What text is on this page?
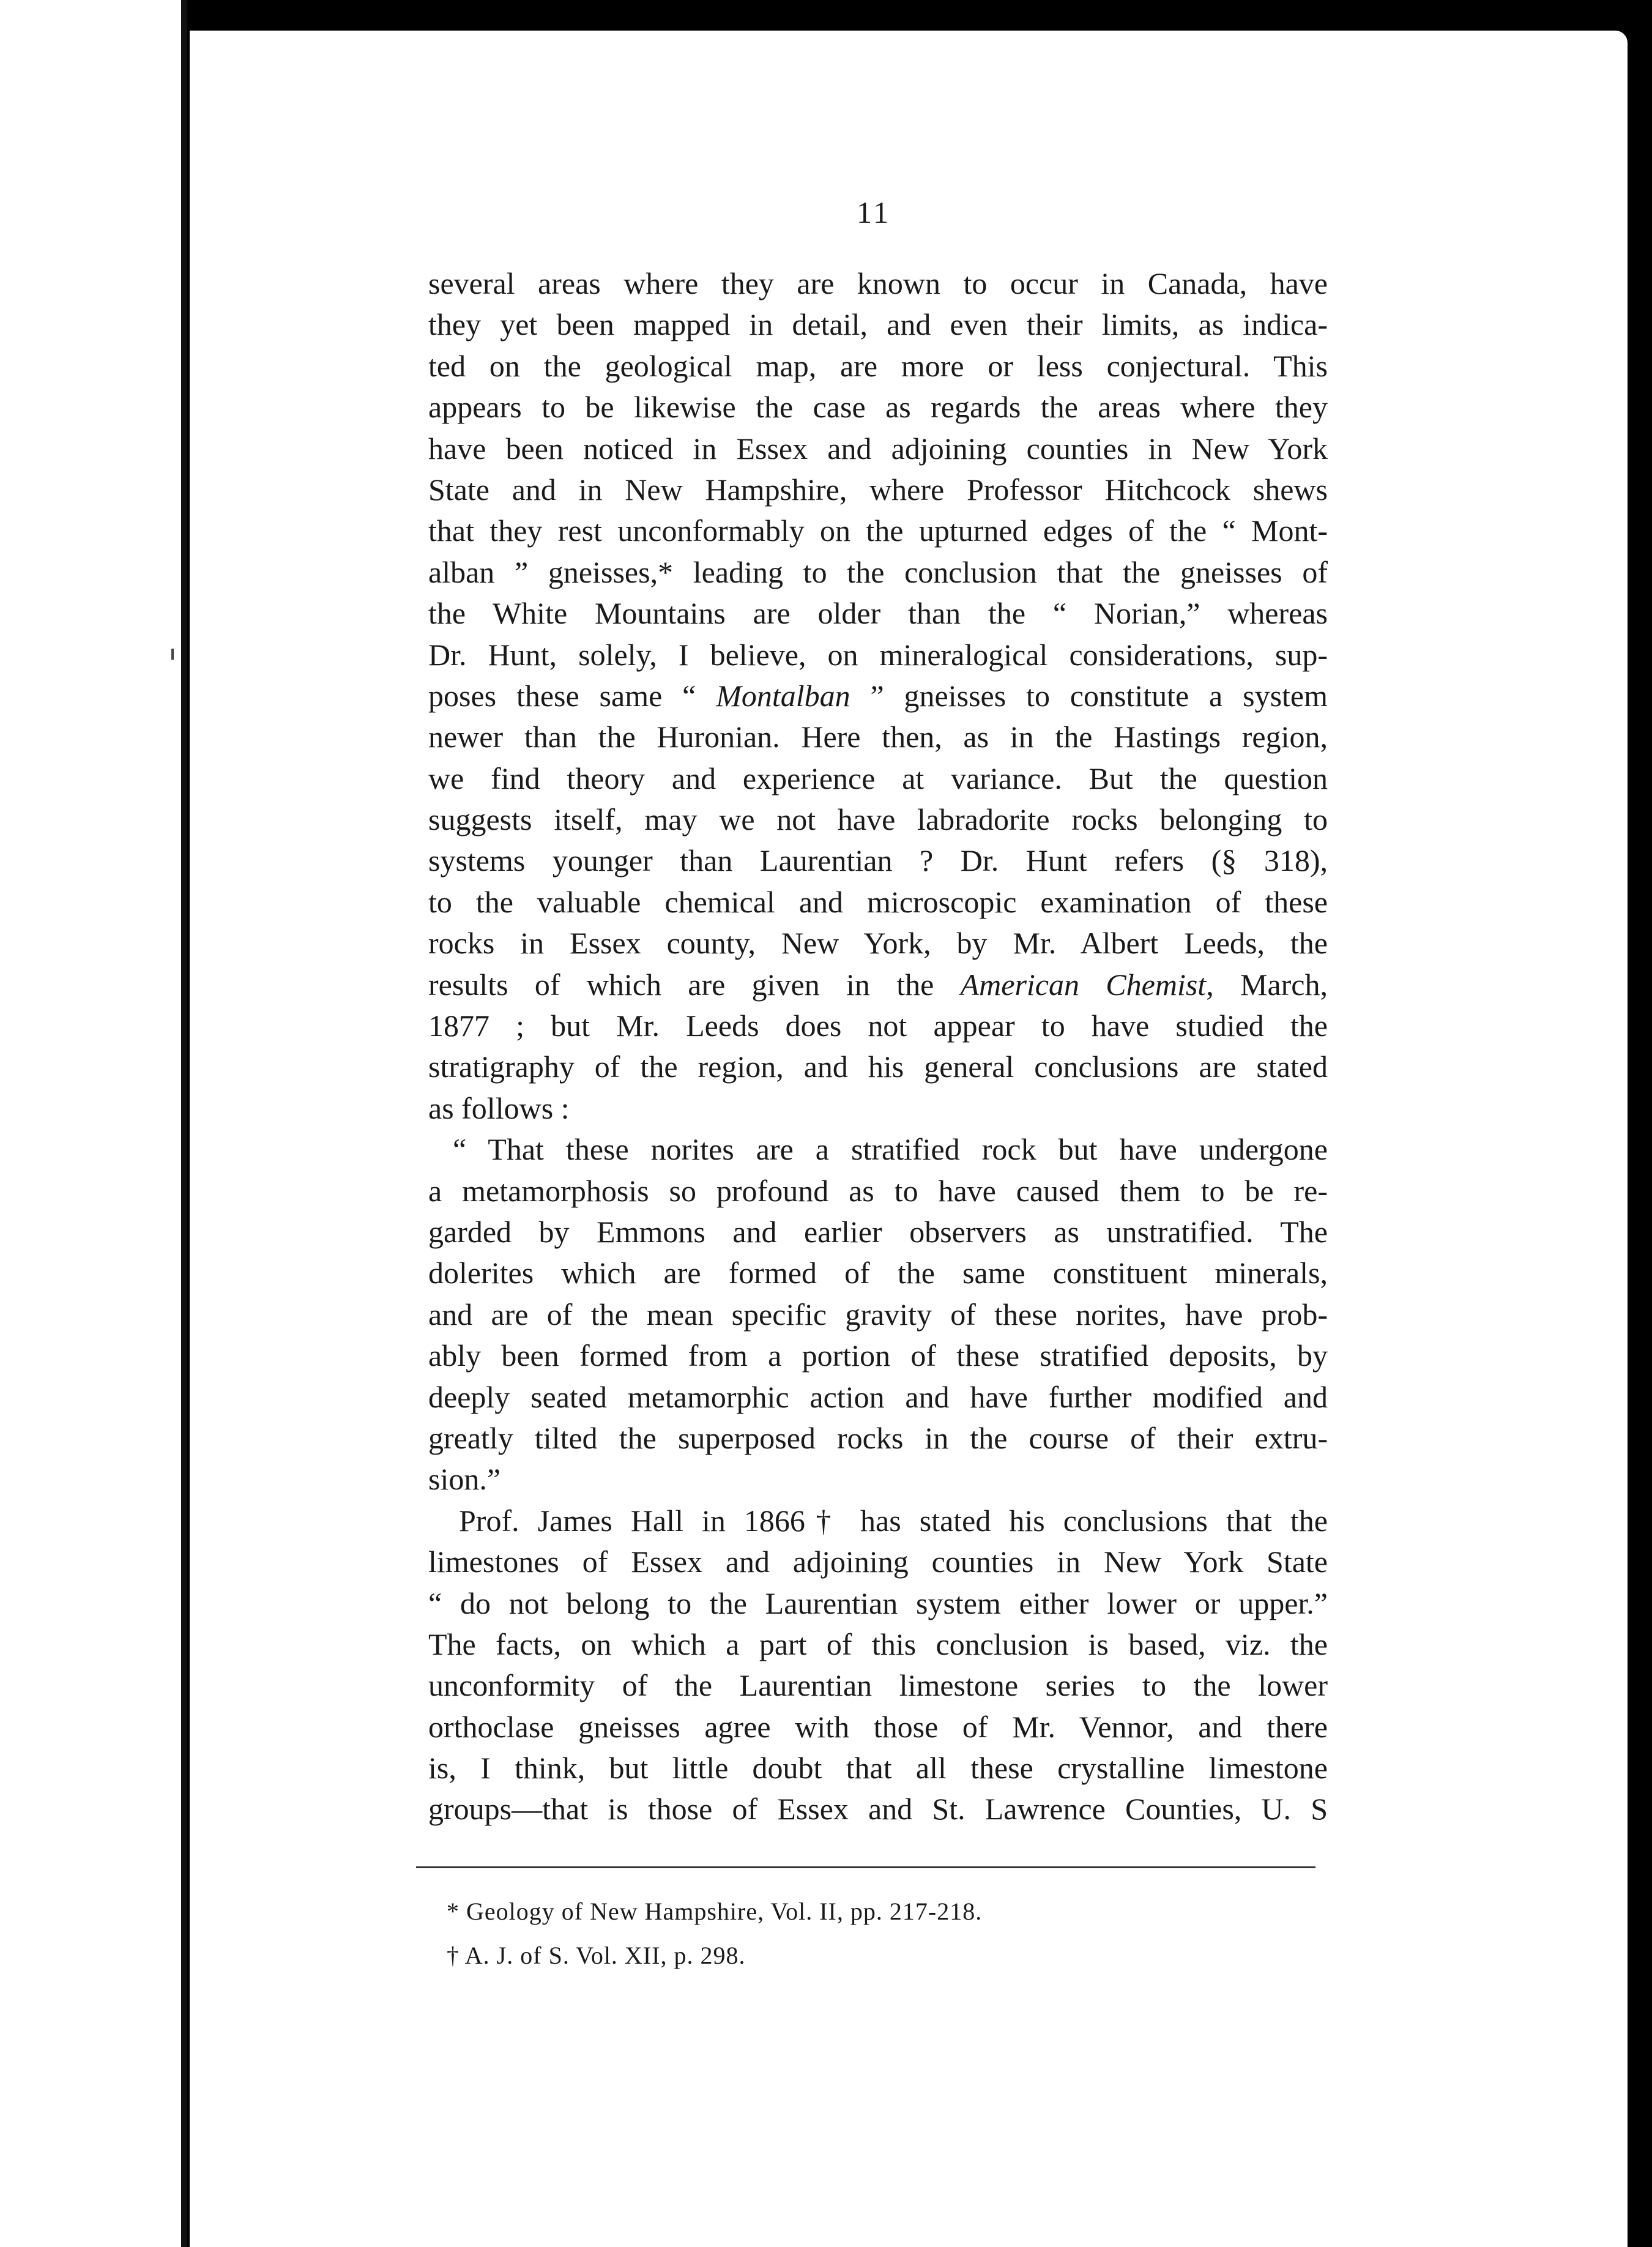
11
several areas where they are known to occur in Canada, have
they yet been mapped in detail, and even their limits, as indica-
ted on the geological map, are more or less conjectural. This
appears to be likewise the case as regards the areas where they
have been noticed in Essex and adjoining counties in New York
State and in New Hampshire, where Professor Hitchcock shews
that they rest unconformably on the upturned edges of the “ Mont-
alban ” gneisses,* leading to the conclusion that the gneisses of
the White Mountains are older than the “ Norian,” whereas
Dr. Hunt, solely, I believe, on mineralogical considerations, sup-
poses these same “ Montalban ” gneisses to constitute a system
newer than the Huronian. Here then, as in the Hastings region,
we find theory and experience at variance. But the question
suggests itself, may we not have labradorite rocks belonging to
systems younger than Laurentian ? Dr. Hunt refers (§ 318),
to the valuable chemical and microscopic examination of these
rocks in Essex county, New York, by Mr. Albert Leeds, the
results of which are given in the American Chemist, March,
1877 ; but Mr. Leeds does not appear to have studied the
stratigraphy of the region, and his general conclusions are stated
as follows :
“ That these norites are a stratified rock but have undergone
a metamorphosis so profound as to have caused them to be re-
garded by Emmons and earlier observers as unstratified. The
dolerites which are formed of the same constituent minerals,
and are of the mean specific gravity of these norites, have prob-
ably been formed from a portion of these stratified deposits, by
deeply seated metamorphic action and have further modified and
greatly tilted the superposed rocks in the course of their extru-
sion.”
Prof. James Hall in 1866† has stated his conclusions that the
limestones of Essex and adjoining counties in New York State
“ do not belong to the Laurentian system either lower or upper.”
The facts, on which a part of this conclusion is based, viz. the
unconformity of the Laurentian limestone series to the lower
orthoclase gneisses agree with those of Mr. Vennor, and there
is, I think, but little doubt that all these crystalline limestone
groups—that is those of Essex and St. Lawrence Counties, U. S
* Geology of New Hampshire, Vol. II, pp. 217-218.
† A. J. of S. Vol. XII, p. 298.
